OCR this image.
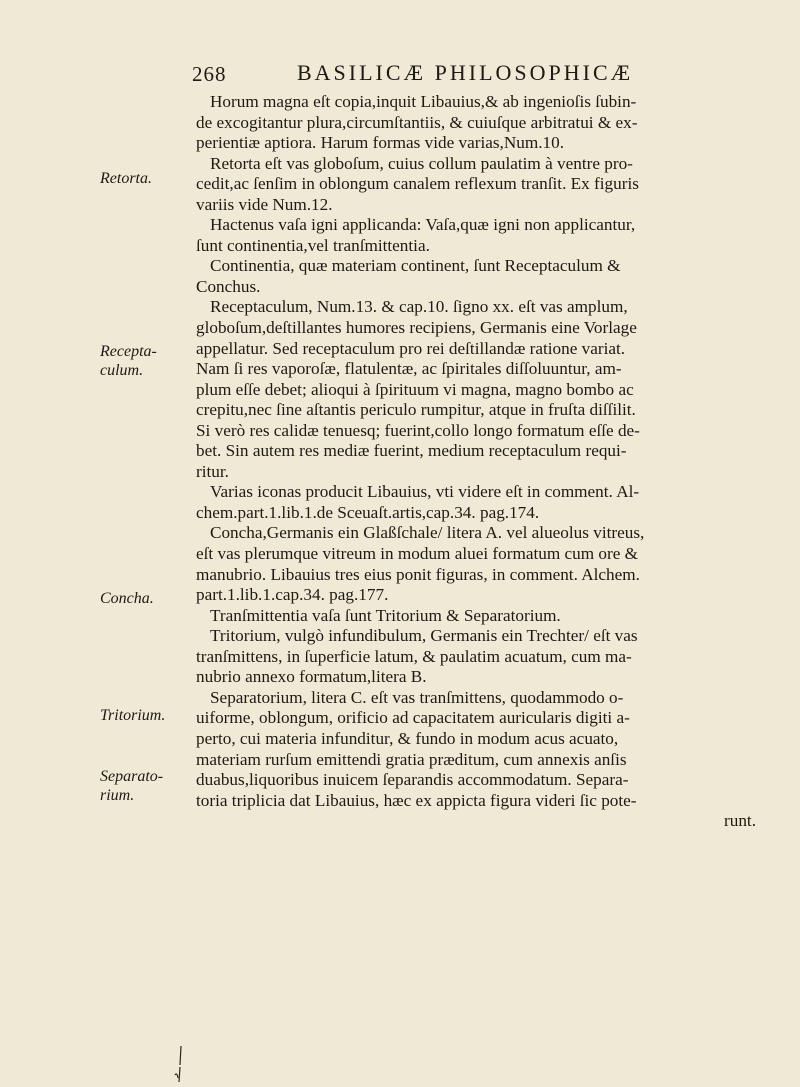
268	BASILICÆ PHILOSOPHICÆ
Retorta.
Recepta-
culum.
Concha.
Tritorium.
Separato-
rium.
Horum magna eſt copia,inquit Libauius,& ab ingenioſis ſubin-
de excogitantur plura,circumſtantiis, & cuiuſque arbitratui & ex-
perientiæ aptiora. Harum formas vide varias,Num.10.
Retorta eſt vas globoſum, cuius collum paulatim à ventre pro-
cedit,ac ſenſim in oblongum canalem reflexum tranſit. Ex figuris
variis vide Num.12.
Hactenus vaſa igni applicanda: Vaſa,quæ igni non applicantur,
ſunt continentia,vel tranſmittentia.
Continentia, quæ materiam continent, ſunt Receptaculum &
Conchus.
Receptaculum, Num.13. & cap.10. ſigno xx. eſt vas amplum,
globoſum,deſtillantes humores recipiens, Germanis eine Vorlage
appellatur. Sed receptaculum pro rei deſtillandæ ratione variat.
Nam ſi res vaporoſæ, flatulentæ, ac ſpiritales diſſoluuntur, am-
plum eſſe debet; alioqui à ſpirituum vi magna, magno bombo ac
crepitu,nec ſine aſtantis periculo rumpitur, atque in fruſta diſſilit.
Si verò res calidæ tenuesq; fuerint,collo longo formatum eſſe de-
bet. Sin autem res mediæ fuerint, medium receptaculum requi-
ritur.
Varias iconas producit Libauius, vti videre eſt in comment. Al-
chem.part.1.lib.1.de Sceuaſt.artis,cap.34. pag.174.
Concha,Germanis ein Glaßſchale/ litera A. vel alueolus vitreus,
eſt vas plerumque vitreum in modum aluei formatum cum ore &
manubrio. Libauius tres eius ponit figuras, in comment. Alchem.
part.1.lib.1.cap.34. pag.177.
Tranſmittentia vaſa ſunt Tritorium & Separatorium.
Tritorium, vulgò infundibulum, Germanis ein Trechter/ eſt vas
tranſmittens, in ſuperficie latum, & paulatim acuatum, cum ma-
nubrio annexo formatum,litera B.
Separatorium, litera C. eſt vas tranſmittens, quodammodo o-
uiforme, oblongum, orificio ad capacitatem auricularis digiti a-
perto, cui materia infunditur, & fundo in modum acus acuato,
materiam rurſum emittendi gratia præditum, cum annexis anſis
duabus,liquoribus inuicem ſeparandis accommodatum. Separa-
toria triplicia dat Libauius, hæc ex appicta figura videri ſic pote-
runt.
